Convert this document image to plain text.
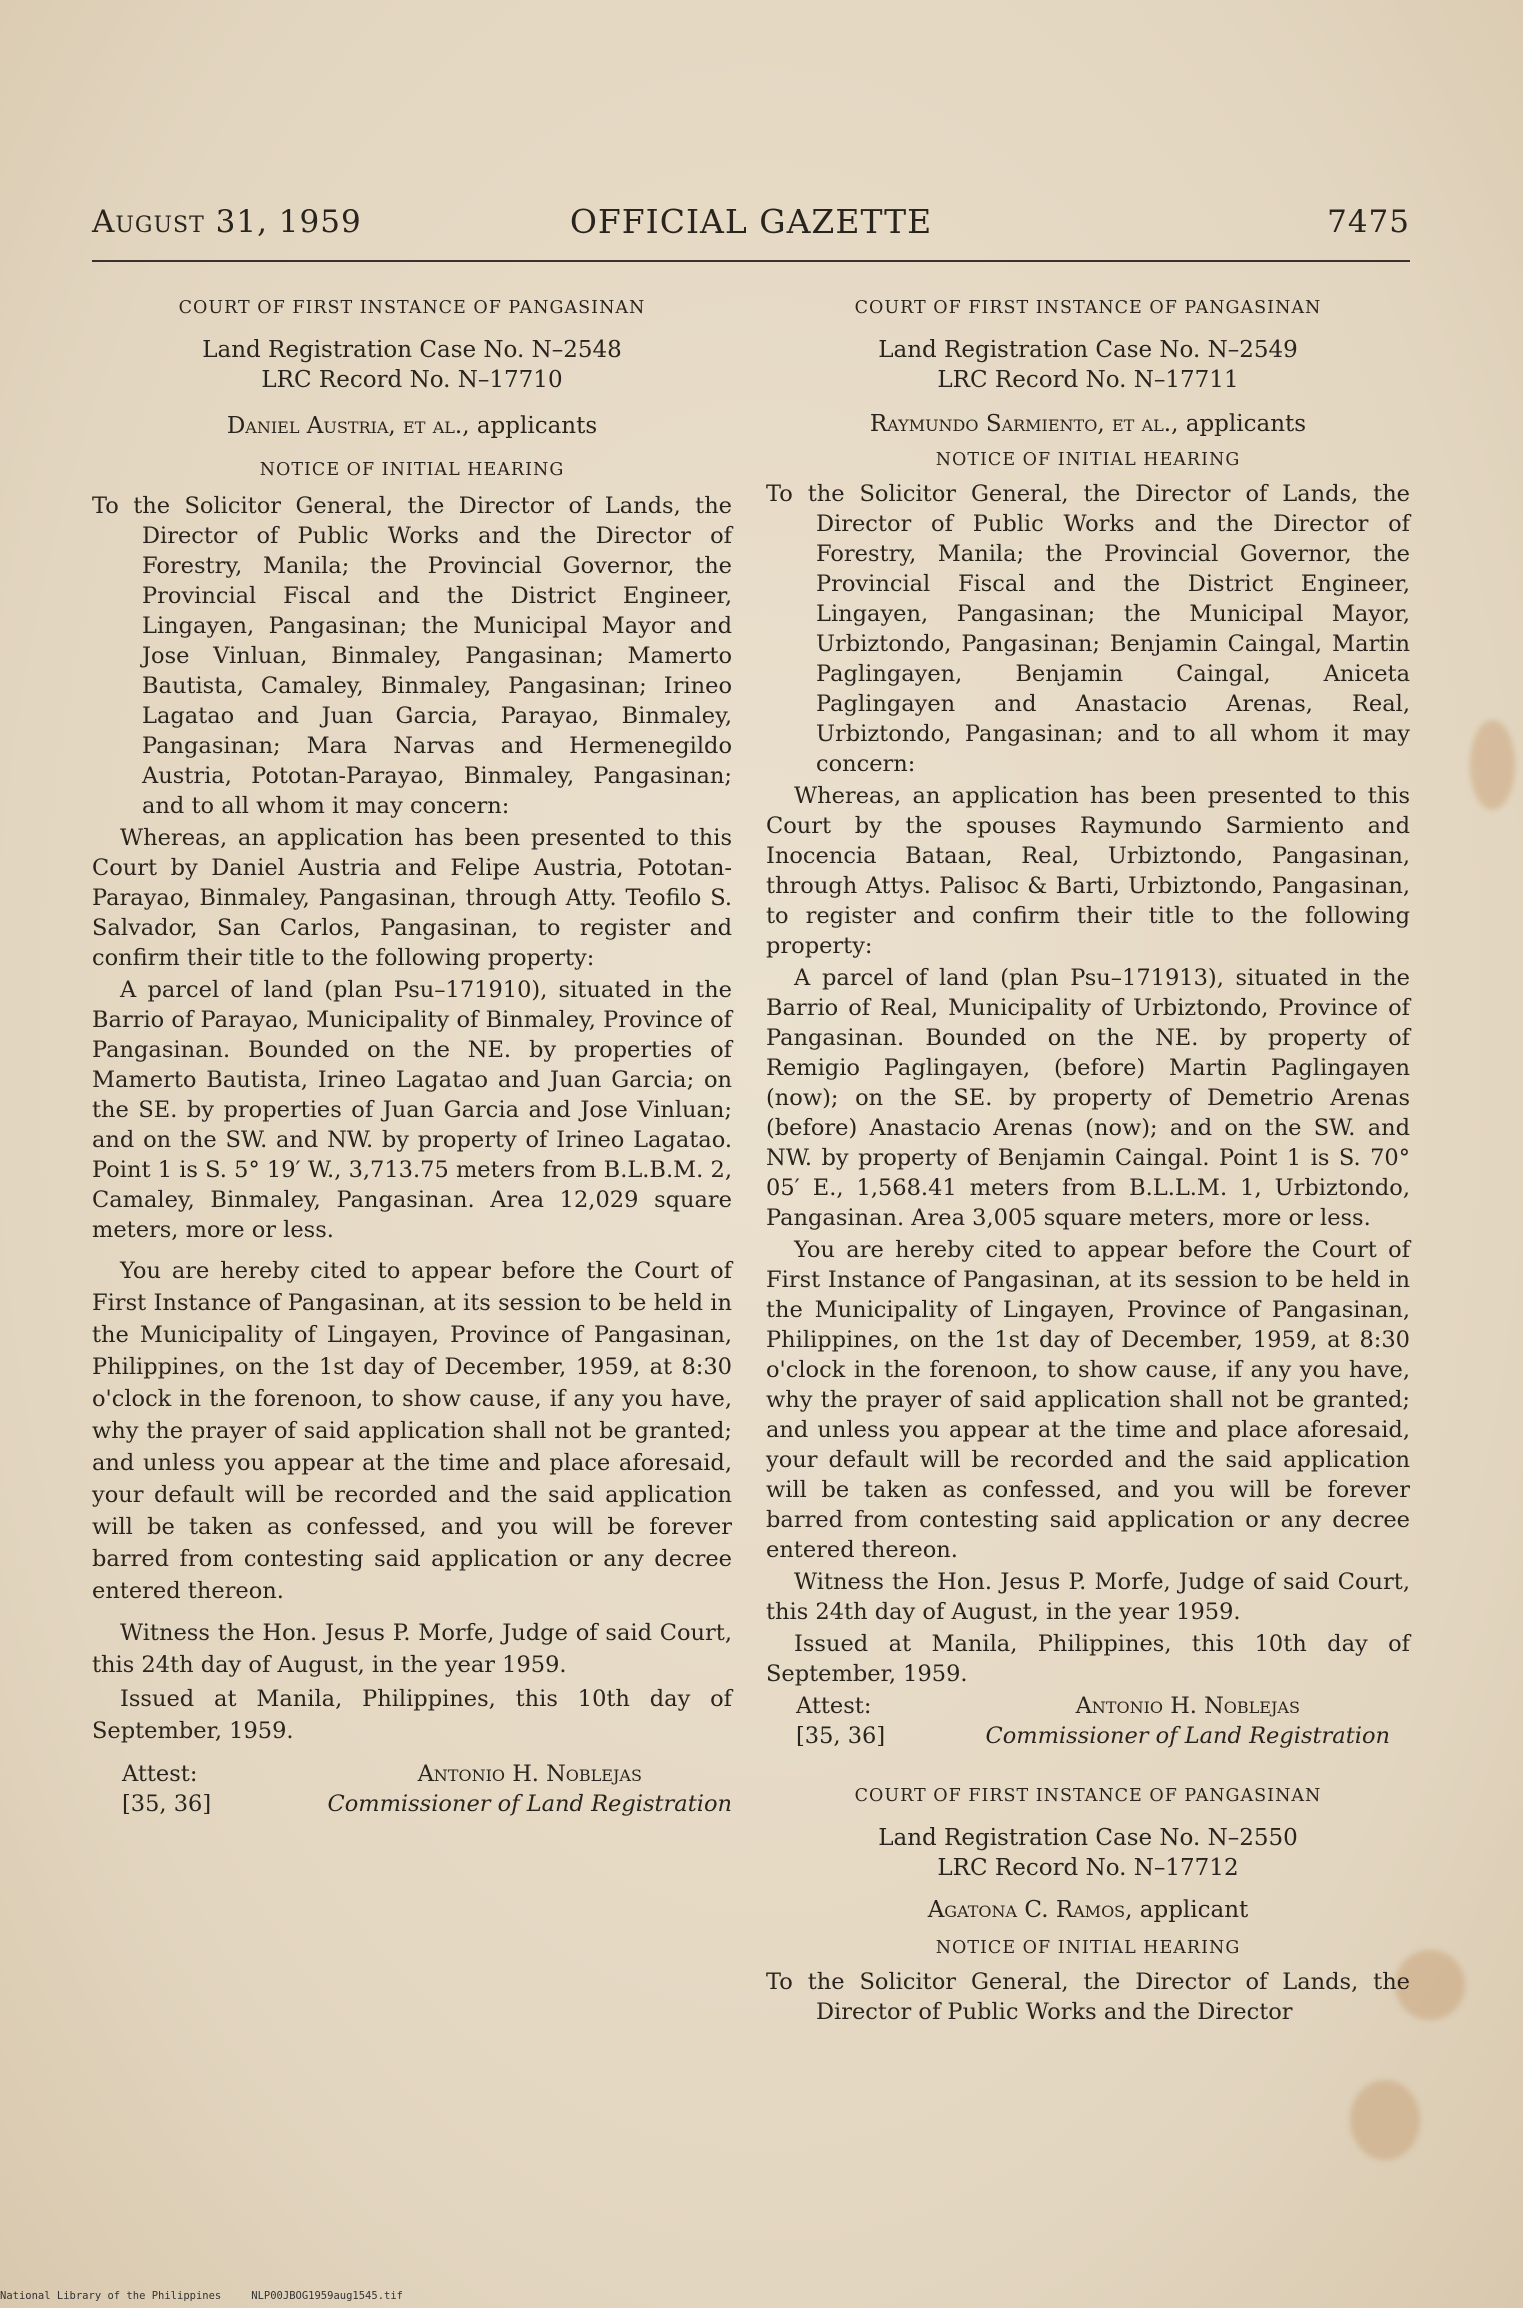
August 31, 1959	OFFICIAL GAZETTE	7475
COURT OF FIRST INSTANCE OF PANGASINAN
Land Registration Case No. N–2548
LRC Record No. N–17710
Daniel Austria, et al., applicants
NOTICE OF INITIAL HEARING

To the Solicitor General, the Director of Lands, the Director of Public Works and the Director of Forestry, Manila; the Provincial Governor, the Provincial Fiscal and the District Engineer, Lingayen, Pangasinan; the Municipal Mayor and Jose Vinluan, Binmaley, Pangasinan; Mamerto Bautista, Camaley, Binmaley, Pangasinan; Irineo Lagatao and Juan Garcia, Parayao, Binmaley, Pangasinan; Mara Narvas and Hermenegildo Austria, Pototan-Parayao, Binmaley, Pangasinan; and to all whom it may concern:

Whereas, an application has been presented to this Court by Daniel Austria and Felipe Austria, Pototan-Parayao, Binmaley, Pangasinan, through Atty. Teofilo S. Salvador, San Carlos, Pangasinan, to register and confirm their title to the following property:

A parcel of land (plan Psu–171910), situated in the Barrio of Parayao, Municipality of Binmaley, Province of Pangasinan. Bounded on the NE. by properties of Mamerto Bautista, Irineo Lagatao and Juan Garcia; on the SE. by properties of Juan Garcia and Jose Vinluan; and on the SW. and NW. by property of Irineo Lagatao. Point 1 is S. 5° 19′ W., 3,713.75 meters from B.L.B.M. 2, Camaley, Binmaley, Pangasinan. Area 12,029 square meters, more or less.

You are hereby cited to appear before the Court of First Instance of Pangasinan, at its session to be held in the Municipality of Lingayen, Province of Pangasinan, Philippines, on the 1st day of December, 1959, at 8:30 o'clock in the forenoon, to show cause, if any you have, why the prayer of said application shall not be granted; and unless you appear at the time and place aforesaid, your default will be recorded and the said application will be taken as confessed, and you will be forever barred from contesting said application or any decree entered thereon.

Witness the Hon. Jesus P. Morfe, Judge of said Court, this 24th day of August, in the year 1959.

Issued at Manila, Philippines, this 10th day of September, 1959.

Attest:
[35, 36]
Antonio H. Noblejas
Commissioner of Land Registration
COURT OF FIRST INSTANCE OF PANGASINAN
Land Registration Case No. N–2549
LRC Record No. N–17711
Raymundo Sarmiento, et al., applicants
NOTICE OF INITIAL HEARING

To the Solicitor General, the Director of Lands, the Director of Public Works and the Director of Forestry, Manila; the Provincial Governor, the Provincial Fiscal and the District Engineer, Lingayen, Pangasinan; the Municipal Mayor, Urbiztondo, Pangasinan; Benjamin Caingal, Martin Paglingayen, Benjamin Caingal, Aniceta Paglingayen and Anastacio Arenas, Real, Urbiztondo, Pangasinan; and to all whom it may concern:

Whereas, an application has been presented to this Court by the spouses Raymundo Sarmiento and Inocencia Bataan, Real, Urbiztondo, Pangasinan, through Attys. Palisoc & Barti, Urbiztondo, Pangasinan, to register and confirm their title to the following property:

A parcel of land (plan Psu–171913), situated in the Barrio of Real, Municipality of Urbiztondo, Province of Pangasinan. Bounded on the NE. by property of Remigio Paglingayen, (before) Martin Paglingayen (now); on the SE. by property of Demetrio Arenas (before) Anastacio Arenas (now); and on the SW. and NW. by property of Benjamin Caingal. Point 1 is S. 70° 05′ E., 1,568.41 meters from B.L.L.M. 1, Urbiztondo, Pangasinan. Area 3,005 square meters, more or less.

You are hereby cited to appear before the Court of First Instance of Pangasinan, at its session to be held in the Municipality of Lingayen, Province of Pangasinan, Philippines, on the 1st day of December, 1959, at 8:30 o'clock in the forenoon, to show cause, if any you have, why the prayer of said application shall not be granted; and unless you appear at the time and place aforesaid, your default will be recorded and the said application will be taken as confessed, and you will be forever barred from contesting said application or any decree entered thereon.

Witness the Hon. Jesus P. Morfe, Judge of said Court, this 24th day of August, in the year 1959.

Issued at Manila, Philippines, this 10th day of September, 1959.

Attest:
[35, 36]
Antonio H. Noblejas
Commissioner of Land Registration
COURT OF FIRST INSTANCE OF PANGASINAN
Land Registration Case No. N–2550
LRC Record No. N–17712
Agatona C. Ramos, applicant
NOTICE OF INITIAL HEARING

To the Solicitor General, the Director of Lands, the Director of Public Works and the Director

National Library of the Philippines	NLP00JBOG1959aug1545.tif
